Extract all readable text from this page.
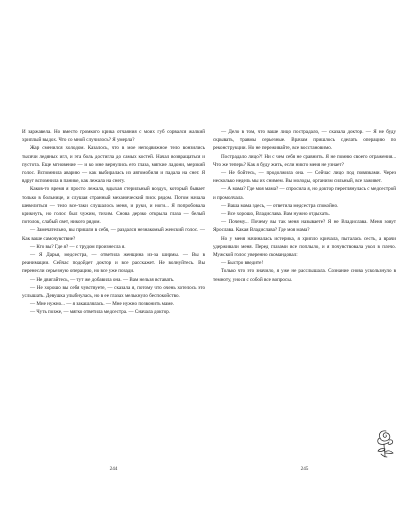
И заржавела. Но вместо громкого крика отчаяния с моих губ сорвался жалкий хриплый выдох. Что со мной случилось? Я умерла?

Жар сменился холодом. Казалось, что в мое неподвижное тело вонзились тысячи ледяных игл, и эта боль достигла до самых костей. Начал возвращаться и пустота. Еще мгновение — и ко мне вернулись его глаза, мягкие ладони, мерзкий голос. Вспомнила аварию — как выбиралась из автомобиля и падала на снег. Я вдруг вспомнила в панике, как лежала на снегу.

Каков-то время я просто лежала, вдыхая стерильный воздух, который бывает только в больнице, и слушая странный механический писк рядом. Потом начала шевелиться — тело все-таки слушалось меня, и руки, и ноги... Я попробовала крикнуть, но голос был чужим, тихим. Снова дерзко открыла глаза — белый потолок, слабый свет, никого рядом.

— Замечательно, вы пришли в себя, — раздался незнакомый женский голос. — Как ваше самочувствие?

— Кто вы? Где я? — с трудом произнесла я.

— Я Дарья, медсестра, — ответила женщина из-за ширмы. — Вы в реанимации. Сейчас подойдет доктор и все расскажет. Не волнуйтесь. Вы перенесли серьезную операцию, но все уже позади.

— Не двигайтесь, — тут же добавила она. — Вам нельзя вставать.

— Не хорошо вы себя чувствуете, — сказала я, потому что очень хотелось это услышать. Девушка улыбнулась, но в ее глазах мелькнуло беспокойство.

— Мне нужно... — я закашлялась. — Мне нужно позвонить маме.

— Чуть позже, — мягко ответила медсестра. — Сначала доктор.

— Дело в том, что ваше лицо пострадало, — сказала доктор. — Я не буду скрывать, травмы серьезные. Врачам пришлось сделать операцию по реконструкции. Но не переживайте, все восстановимо.

Пострадало лицо?! Ни с чем себя не сравнить. Я не помню своего отражения... Что же теперь? Как я буду жить, если никто меня не узнает?

— Не бойтесь, — продолжила она. — Сейчас лицо под повязками. Через несколько недель мы их снимем. Вы молоды, организм сильный, все заживет.

— А мама? Где моя мама? — спросила я, но доктор переглянулась с медсестрой и промолчала.

— Ваша мама здесь, — ответила медсестра спокойно.

— Все хорошо, Владислава. Вам нужно отдыхать.

— Почему... Почему вы так меня называете? Я не Владислава. Меня зовут Ярослава. Какая Владислава? Где моя мама?

Но у меня начиналась истерика, я хрипло кричала, пыталась сесть, а врачи удерживали меня. Перед глазами все поплыло, и я почувствовала укол в плечо. Мужской голос уверенно скомандовал:

— Быстро введите!

Только что это значило, я уже не расслышала. Сознание снова ускользнуло в темноту, унося с собой все вопросы.

244	245
